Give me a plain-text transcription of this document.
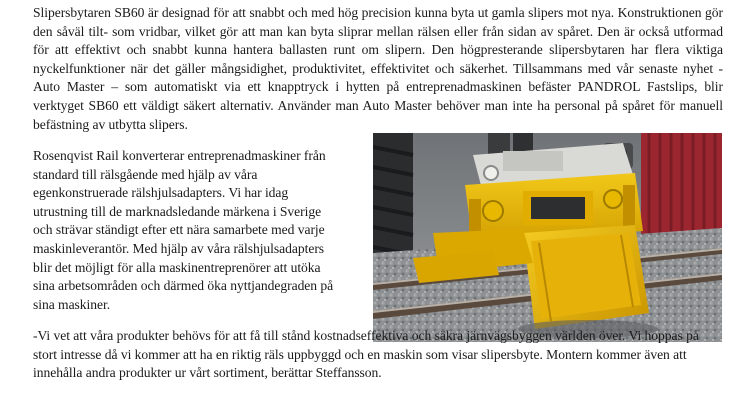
Slipersbytaren SB60 är designad för att snabbt och med hög precision kunna byta ut gamla slipers mot nya. Konstruktionen gör den såväl tilt- som vridbar, vilket gör att man kan byta sliprar mellan rälsen eller från sidan av spåret. Den är också utformad för att effektivt och snabbt kunna hantera ballasten runt om slipern. Den högpresterande slipersbytaren har flera viktiga nyckelfunktioner när det gäller mångsidighet, produktivitet, effektivitet och säkerhet. Tillsammans med vår senaste nyhet - Auto Master – som automatiskt via ett knapptryck i hytten på entreprenadmaskinen befäster PANDROL Fastslips, blir verktyget SB60 ett väldigt säkert alternativ. Använder man Auto Master behöver man inte ha personal på spåret för manuell befästning av utbytta slipers.

Rosenqvist Rail konverterar entreprenadmaskiner från standard till rälsgående med hjälp av våra egenkonstruerade rälshjulsadapters. Vi har idag utrustning till de marknadsledande märkena i Sverige och strävar ständigt efter ett nära samarbete med varje maskinleverantör. Med hjälp av våra rälshjulsadapters blir det möjligt för alla maskinentreprenörer att utöka sina arbetsområden och därmed öka nyttjandegraden på sina maskiner.

-Vi vet att våra produkter behövs för att få till stånd kostnadseffektiva och säkra järnvägsbyggen världen över. Vi hoppas på stort intresse då vi kommer att ha en riktig räls uppbyggd och en maskin som visar slipersbyte. Montern kommer även att innehålla andra produkter ur vårt sortiment, berättar Steffansson.
